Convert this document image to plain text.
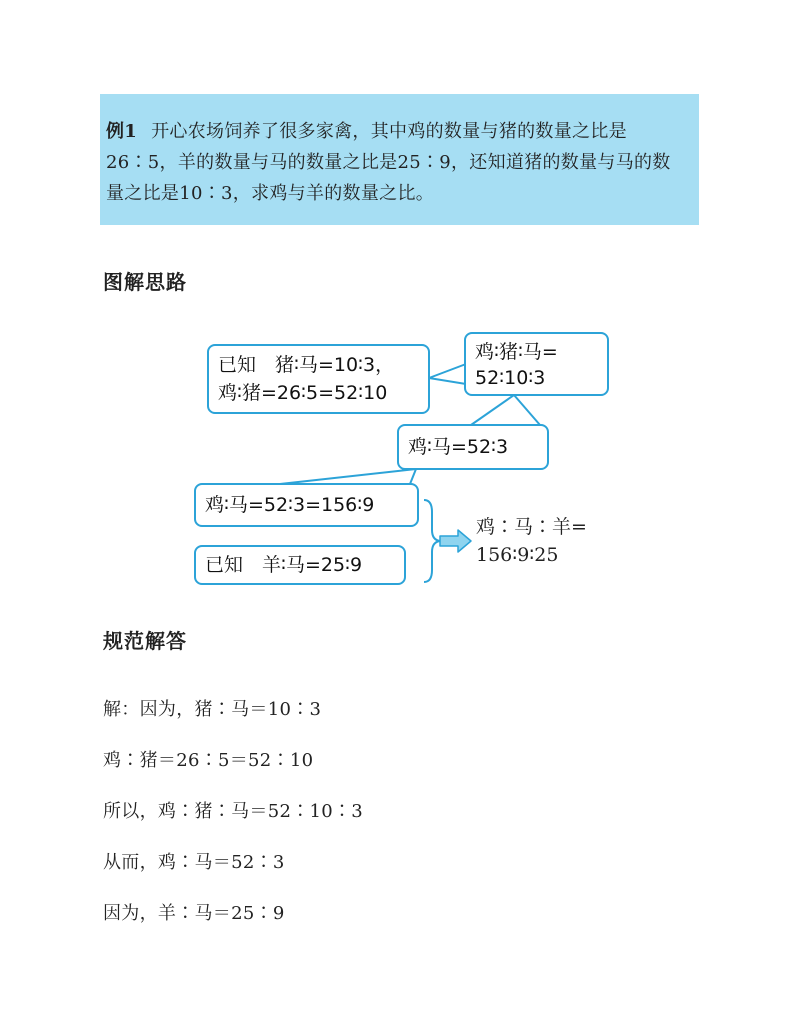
例1 开心农场饲养了很多家禽，其中鸡的数量与猪的数量之比是
26∶5，羊的数量与马的数量之比是25∶9，还知道猪的数量与马的数
量之比是10∶3，求鸡与羊的数量之比。
图解思路
已知　猪∶马=10∶3，
鸡∶猪=26∶5=52∶10
鸡∶猪∶马=
52∶10∶3
鸡∶马=52∶3
鸡∶马=52∶3=156∶9
已知　羊∶马=25∶9
鸡∶马∶羊=
156∶9∶25
规范解答
解：因为，猪∶马＝10∶3
鸡∶猪＝26∶5＝52∶10
所以，鸡∶猪∶马＝52∶10∶3
从而，鸡∶马＝52∶3
因为，羊∶马＝25∶9
